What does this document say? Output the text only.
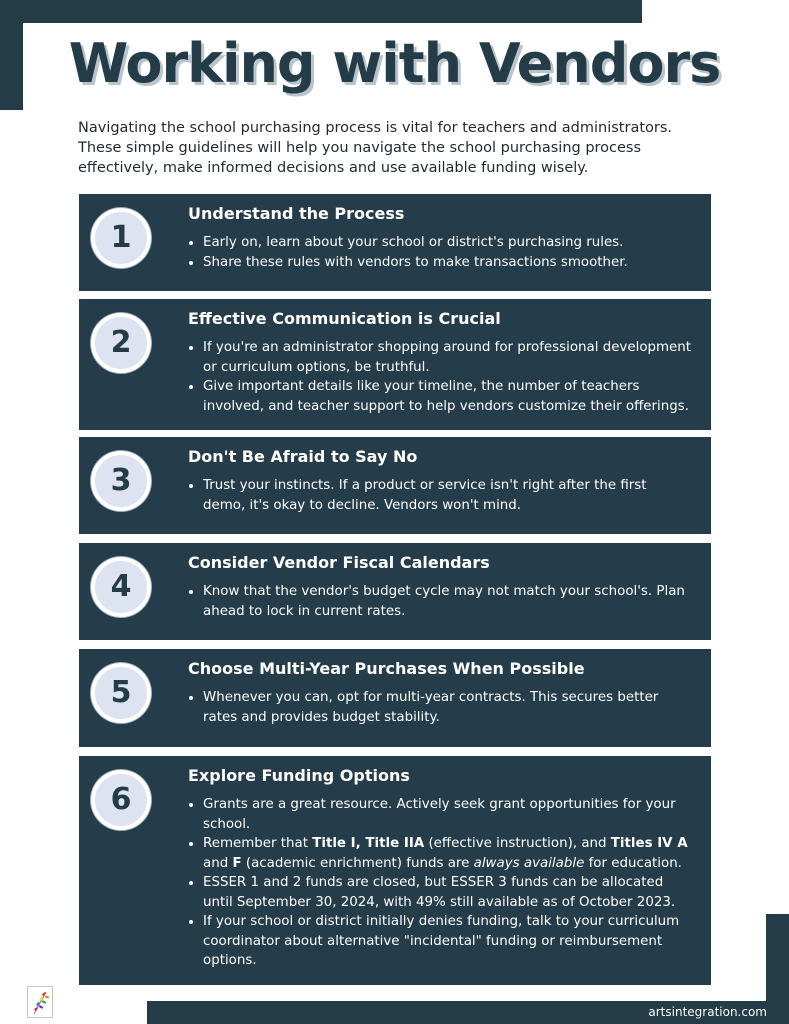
Working with Vendors

Navigating the school purchasing process is vital for teachers and administrators. These simple guidelines will help you navigate the school purchasing process effectively, make informed decisions and use available funding wisely.

1
Understand the Process
• Early on, learn about your school or district's purchasing rules.
• Share these rules with vendors to make transactions smoother.
2
Effective Communication is Crucial
• If you're an administrator shopping around for professional development or curriculum options, be truthful.
• Give important details like your timeline, the number of teachers involved, and teacher support to help vendors customize their offerings.
3
Don't Be Afraid to Say No
• Trust your instincts. If a product or service isn't right after the first demo, it's okay to decline. Vendors won't mind.
4
Consider Vendor Fiscal Calendars
• Know that the vendor's budget cycle may not match your school's. Plan ahead to lock in current rates.
5
Choose Multi-Year Purchases When Possible
• Whenever you can, opt for multi-year contracts. This secures better rates and provides budget stability.
6
Explore Funding Options
• Grants are a great resource. Actively seek grant opportunities for your school.
• Remember that Title I, Title IIA (effective instruction), and Titles IV A and F (academic enrichment) funds are always available for education.
• ESSER 1 and 2 funds are closed, but ESSER 3 funds can be allocated until September 30, 2024, with 49% still available as of October 2023.
• If your school or district initially denies funding, talk to your curriculum coordinator about alternative "incidental" funding or reimbursement options.
artsintegration.com
